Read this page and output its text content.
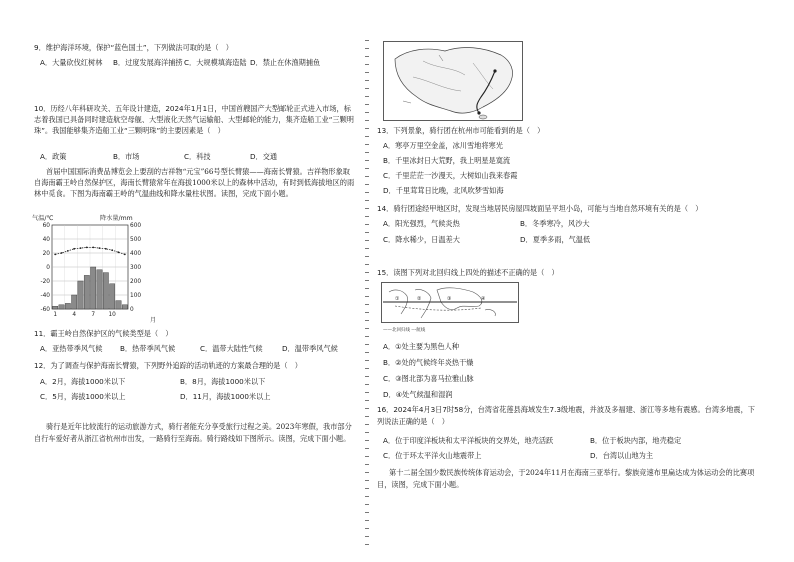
9．维护海洋环境，保护“蓝色国土”，下列做法可取的是（　）
A．大量砍伐红树林 B．过度发展海洋捕捞 C．大规模填海造陆 D．禁止在休渔期捕鱼
10．历经八年科研攻关、五年设计建造，2024年1月1日，中国首艘国产大型邮轮正式进入市场，标志着我国已具备同时建造航空母舰、大型液化天然气运输船、大型邮轮的能力，集齐造船工业“三颗明珠”。我国能够集齐造船工业“三颗明珠”的主要因素是（　）
A．政策	B．市场	C．科技	D．交通
首届中国国际消费品博览会上要刮的吉祥物“元宝”66号型长臂猿——海南长臂猿。吉祥物形象取自海南霸王岭自然保护区，海南长臂猿常年在海拔1000米以上的森林中活动，有时到低海拔地区的雨林中觅食。下图为海南霸王岭的气温曲线和降水量柱状图。读图，完成下面小题。
气温/℃	降水量/mm
60
40
20
0
-20
-40
-60
600
500
400
300
200
100
0
1	4	7 10
月
11．霸王岭自然保护区的气候类型是（　）
A．亚热带季风气候 B．热带季风气候	C．温带大陆性气候	D．温带季风气候
12．为了调查与保护海南长臂猿，下列野外追踪的活动轨迹的方案最合理的是（　）
A．2月，海拔1000米以下	B．8月，海拔1000米以下
C．5月，海拔1000米以上	D．11月，海拔1000米以上
骑行是近年比较流行的运动旅游方式，骑行者能充分享受旅行过程之美。2023年寒假，我市部分自行车爱好者从浙江省杭州市出发，一路骑行至海南。骑行路线如下图所示。读图，完成下面小题。
13．下列景象，骑行团在杭州市可能看到的是（　）
A．寒亭万里空金盖，冰川雪地将寒光
B．千里冰封日大荒野，我上明星是寞流
C．千里茫茫一沙漫天，大树如山我来春霞
D．千里茸茸日比晚，北风吹梦雪如海
14．骑行团途经甲地区时，发现当地居民房屋四坡面呈平坦小岛，可能与当地自然环境有关的是（　）
A．阳光强烈，气候炎热	B．冬季寒冷，风沙大
C．降水稀少，日温差大	D．夏季多雨，气温低
15．读图下列对北回归线上四处的描述不正确的是（　）
①	②	③	④
——北回归线 ---航线
A．①处主要为黑色人种
B．②处的气候终年炎热干燥
C．③图北部为喜马拉雅山脉
D．④处气候温和湿润
16．2024年4月3日7时58分，台湾省花莲县海域发生7.3级地震，并波及多福建、浙江等多地有震感。台湾多地震，下列说法正确的是（　）
A．位于印度洋板块和太平洋板块的交界处，地壳活跃	B．位于板块内部，地壳稳定
C．位于环太平洋火山地震带上	D．台湾以山地为主
第十二届全国少数民族传统体育运动会，于2024年11月在海南三亚举行。黎族竞速布里扁达成为体运动会的比赛项目，读图，完成下面小题。
